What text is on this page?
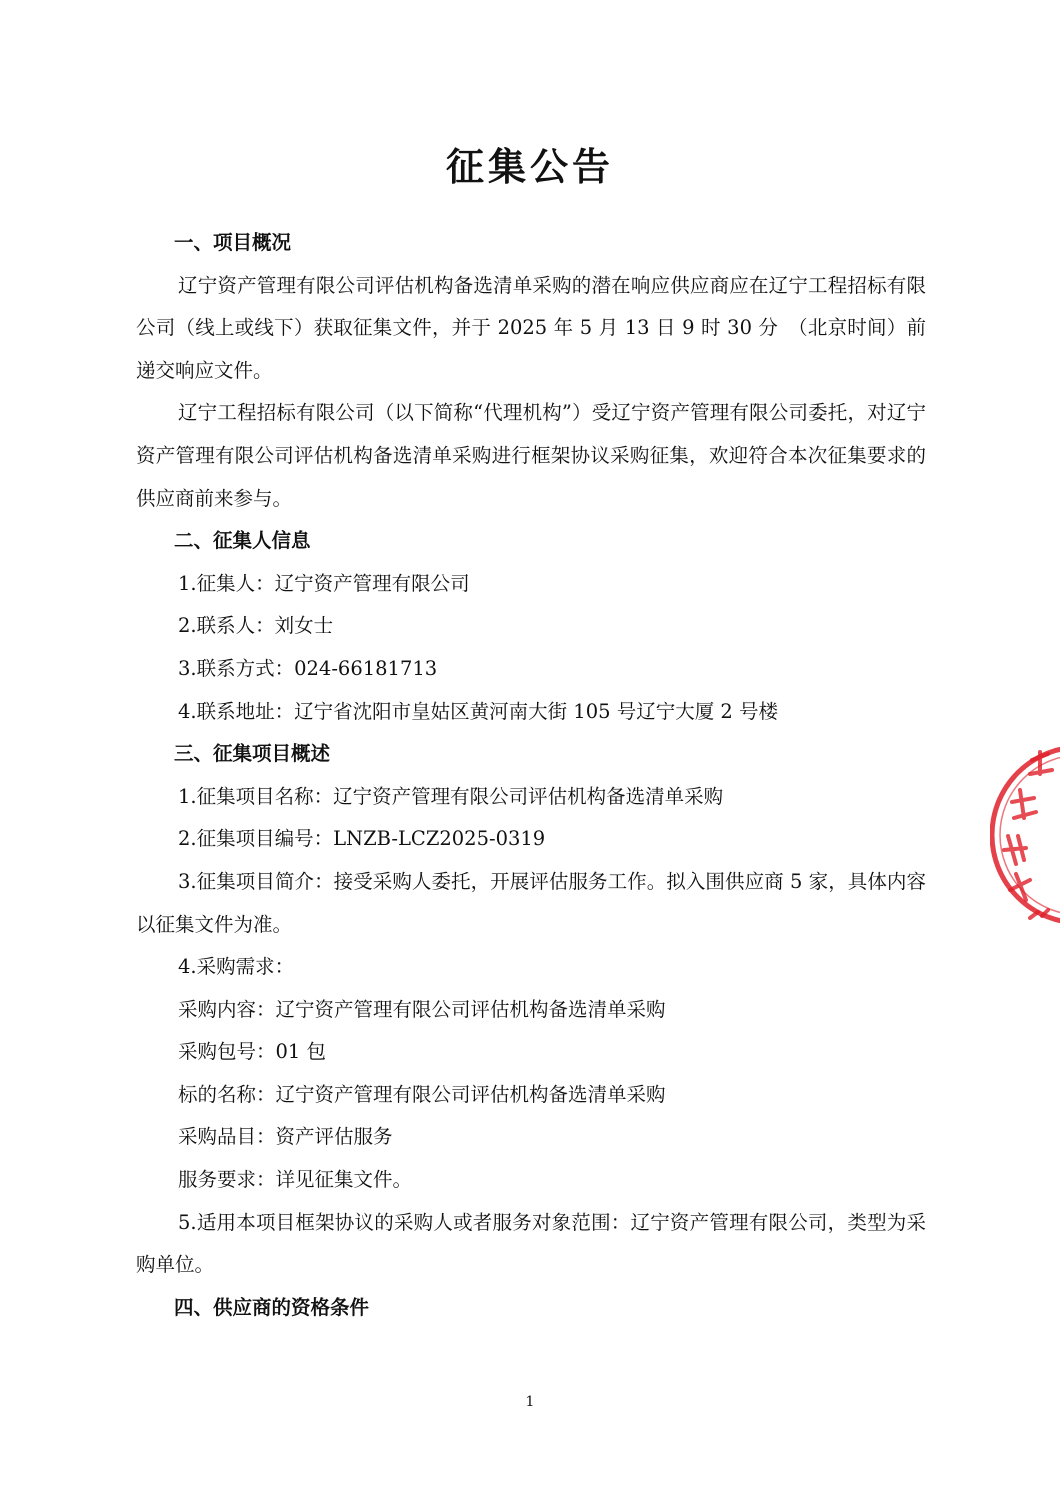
征集公告

一、项目概况

辽宁资产管理有限公司评估机构备选清单采购的潜在响应供应商应在辽宁工程招标有限公司（线上或线下）获取征集文件，并于 2025 年 5 月 13 日 9 时 30 分　（北京时间）前递交响应文件。

辽宁工程招标有限公司（以下简称“代理机构”）受辽宁资产管理有限公司委托，对辽宁资产管理有限公司评估机构备选清单采购进行框架协议采购征集，欢迎符合本次征集要求的供应商前来参与。

二、征集人信息

1.征集人：辽宁资产管理有限公司

2.联系人：刘女士

3.联系方式：024-66181713

4.联系地址：辽宁省沈阳市皇姑区黄河南大街 105 号辽宁大厦 2 号楼

三、征集项目概述

1.征集项目名称：辽宁资产管理有限公司评估机构备选清单采购

2.征集项目编号：LNZB-LCZ2025-0319

3.征集项目简介：接受采购人委托，开展评估服务工作。拟入围供应商 5 家，具体内容以征集文件为准。

4.采购需求：

采购内容：辽宁资产管理有限公司评估机构备选清单采购

采购包号：01 包

标的名称：辽宁资产管理有限公司评估机构备选清单采购

采购品目：资产评估服务

服务要求：详见征集文件。

5.适用本项目框架协议的采购人或者服务对象范围：辽宁资产管理有限公司，类型为采购单位。

四、供应商的资格条件

1
